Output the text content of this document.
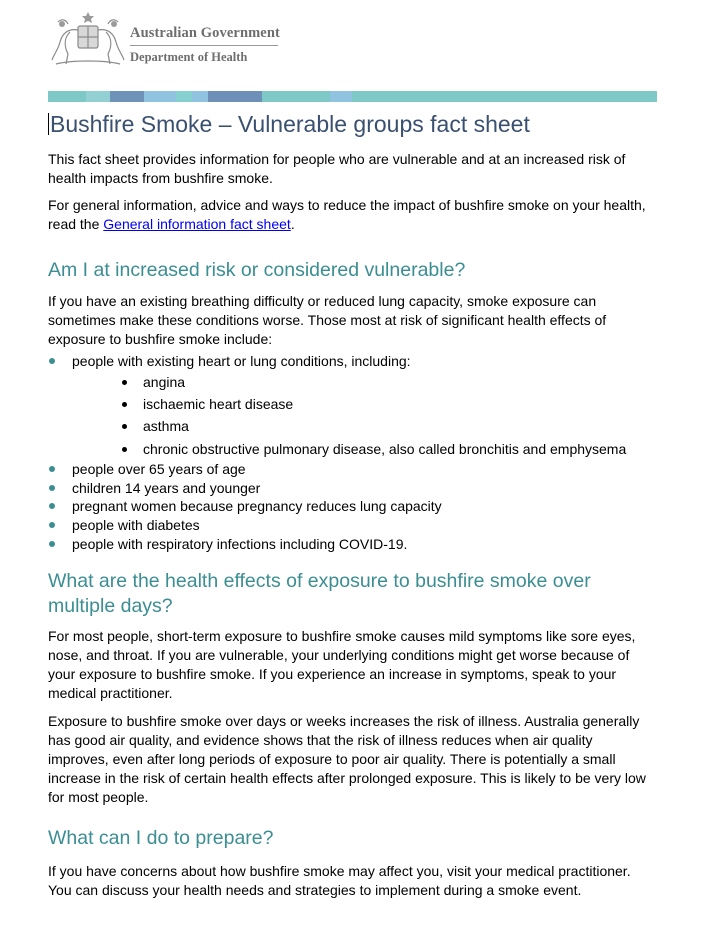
Australian Government
Department of Health
Bushfire Smoke – Vulnerable groups fact sheet

This fact sheet provides information for people who are vulnerable and at an increased risk of health impacts from bushfire smoke.

For general information, advice and ways to reduce the impact of bushfire smoke on your health, read the General information fact sheet.

Am I at increased risk or considered vulnerable?

If you have an existing breathing difficulty or reduced lung capacity, smoke exposure can sometimes make these conditions worse. Those most at risk of significant health effects of exposure to bushfire smoke include:

people with existing heart or lung conditions, including:
angina
ischaemic heart disease
asthma
chronic obstructive pulmonary disease, also called bronchitis and emphysema
people over 65 years of age
children 14 years and younger
pregnant women because pregnancy reduces lung capacity
people with diabetes
people with respiratory infections including COVID-19.
What are the health effects of exposure to bushfire smoke over multiple days?

For most people, short-term exposure to bushfire smoke causes mild symptoms like sore eyes, nose, and throat. If you are vulnerable, your underlying conditions might get worse because of your exposure to bushfire smoke. If you experience an increase in symptoms, speak to your medical practitioner.

Exposure to bushfire smoke over days or weeks increases the risk of illness. Australia generally has good air quality, and evidence shows that the risk of illness reduces when air quality improves, even after long periods of exposure to poor air quality. There is potentially a small increase in the risk of certain health effects after prolonged exposure. This is likely to be very low for most people.

What can I do to prepare?

If you have concerns about how bushfire smoke may affect you, visit your medical practitioner. You can discuss your health needs and strategies to implement during a smoke event.
